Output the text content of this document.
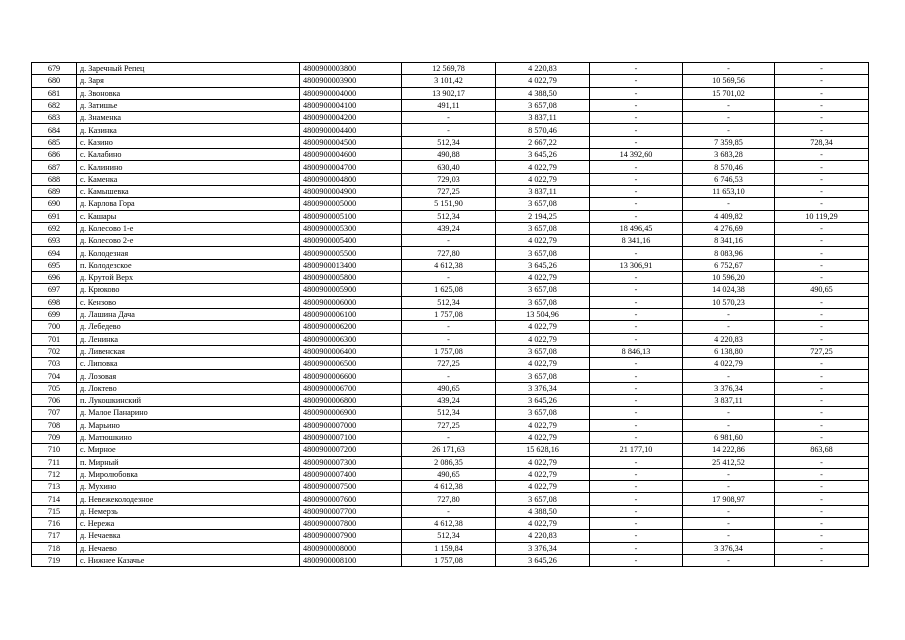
679	д. Заречный Репец	4800900003800	12 569,78	4 220,83	-	-	-
680	д. Заря	4800900003900	3 101,42	4 022,79	-	10 569,56	-
681	д. Звоновка	4800900004000	13 902,17	4 388,50	-	15 701,02	-
682	д. Затишье	4800900004100	491,11	3 657,08	-	-	-
683	д. Знаменка	4800900004200	-	3 837,11	-	-	-
684	д. Казинка	4800900004400	-	8 570,46	-	-	-
685	с. Казино	4800900004500	512,34	2 667,22	-	7 359,85	728,34
686	с. Калабино	4800900004600	490,88	3 645,26	14 392,60	3 683,28	-
687	с. Калинино	4800900004700	630,40	4 022,79	-	8 570,46	-
688	с. Каменка	4800900004800	729,03	4 022,79	-	6 746,53	-
689	с. Камышевка	4800900004900	727,25	3 837,11	-	11 653,10	-
690	д. Карлова Гора	4800900005000	5 151,90	3 657,08	-	-	-
691	с. Кашары	4800900005100	512,34	2 194,25	-	4 409,82	10 119,29
692	д. Колесово 1-е	4800900005300	439,24	3 657,08	18 496,45	4 276,69	-
693	д. Колесово 2-е	4800900005400	-	4 022,79	8 341,16	8 341,16	-
694	д. Колодезная	4800900005500	727,80	3 657,08	-	8 083,96	-
695	п. Колодезское	4800900013400	4 612,38	3 645,26	13 306,91	6 752,67	-
696	д. Крутой Верх	4800900005800	-	4 022,79	-	10 596,20	-
697	д. Крюково	4800900005900	1 625,08	3 657,08	-	14 024,38	490,65
698	с. Кензово	4800900006000	512,34	3 657,08	-	10 570,23	-
699	д. Лашина Дача	4800900006100	1 757,08	13 504,96	-	-	-
700	д. Лебедево	4800900006200	-	4 022,79	-	-	-
701	д. Ленинка	4800900006300	-	4 022,79	-	4 220,83	-
702	д. Ливенская	4800900006400	1 757,08	3 657,08	8 846,13	6 138,80	727,25
703	с. Липовка	4800900006500	727,25	4 022,79	-	4 022,79	-
704	д. Лозовая	4800900006600	-	3 657,08	-	-	-
705	д. Локтево	4800900006700	490,65	3 376,34	-	3 376,34	-
706	п. Лукошкинский	4800900006800	439,24	3 645,26	-	3 837,11	-
707	д. Малое Панарино	4800900006900	512,34	3 657,08	-	-	-
708	д. Марьино	4800900007000	727,25	4 022,79	-	-	-
709	д. Матюшкино	4800900007100	-	4 022,79	-	6 981,60	-
710	с. Мирное	4800900007200	26 171,63	15 628,16	21 177,10	14 222,86	863,68
711	п. Мирный	4800900007300	2 086,35	4 022,79	-	25 412,52	-
712	д. Миролюбовка	4800900007400	490,65	4 022,79	-	-	-
713	д. Мухино	4800900007500	4 612,38	4 022,79	-	-	-
714	д. Невежеколодезное	4800900007600	727,80	3 657,08	-	17 908,97	-
715	д. Немерзь	4800900007700	-	4 388,50	-	-	-
716	с. Нережа	4800900007800	4 612,38	4 022,79	-	-	-
717	д. Нечаевка	4800900007900	512,34	4 220,83	-	-	-
718	д. Нечаево	4800900008000	1 159,84	3 376,34	-	3 376,34	-
719	с. Нижнее Казачье	4800900008100	1 757,08	3 645,26	-	-	-
